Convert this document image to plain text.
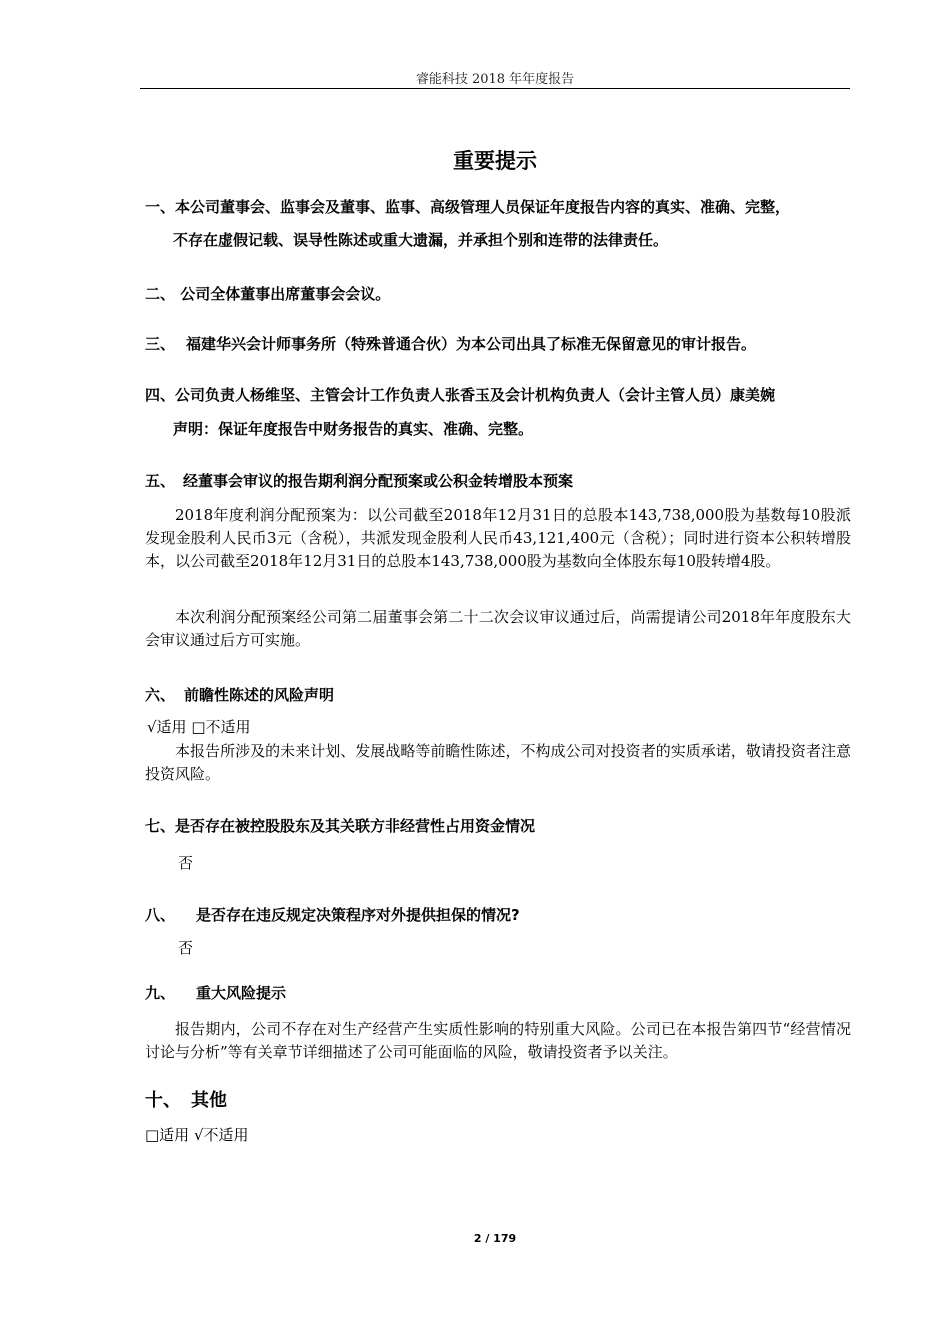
睿能科技 2018 年年度报告
重要提示
一、本公司董事会、监事会及董事、监事、高级管理人员保证年度报告内容的真实、准确、完整，
不存在虚假记载、误导性陈述或重大遗漏，并承担个别和连带的法律责任。
二、 公司全体董事出席董事会会议。
三、 福建华兴会计师事务所（特殊普通合伙）为本公司出具了标准无保留意见的审计报告。
四、公司负责人杨维坚、主管会计工作负责人张香玉及会计机构负责人（会计主管人员）康美婉
声明：保证年度报告中财务报告的真实、准确、完整。
五、 经董事会审议的报告期利润分配预案或公积金转增股本预案
2018年度利润分配预案为：以公司截至2018年12月31日的总股本143,738,000股为基数每10股派发现金股利人民币3元（含税），共派发现金股利人民币43,121,400元（含税）；同时进行资本公积转增股本，以公司截至2018年12月31日的总股本143,738,000股为基数向全体股东每10股转增4股。
本次利润分配预案经公司第二届董事会第二十二次会议审议通过后，尚需提请公司2018年年度股东大会审议通过后方可实施。
六、 前瞻性陈述的风险声明
√适用 □不适用
本报告所涉及的未来计划、发展战略等前瞻性陈述，不构成公司对投资者的实质承诺，敬请投资者注意投资风险。
七、是否存在被控股股东及其关联方非经营性占用资金情况
否
八、 是否存在违反规定决策程序对外提供担保的情况?
否
九、 重大风险提示
报告期内，公司不存在对生产经营产生实质性影响的特别重大风险。公司已在本报告第四节“经营情况讨论与分析”等有关章节详细描述了公司可能面临的风险，敬请投资者予以关注。
十、 其他
□适用 √不适用
2 / 179
